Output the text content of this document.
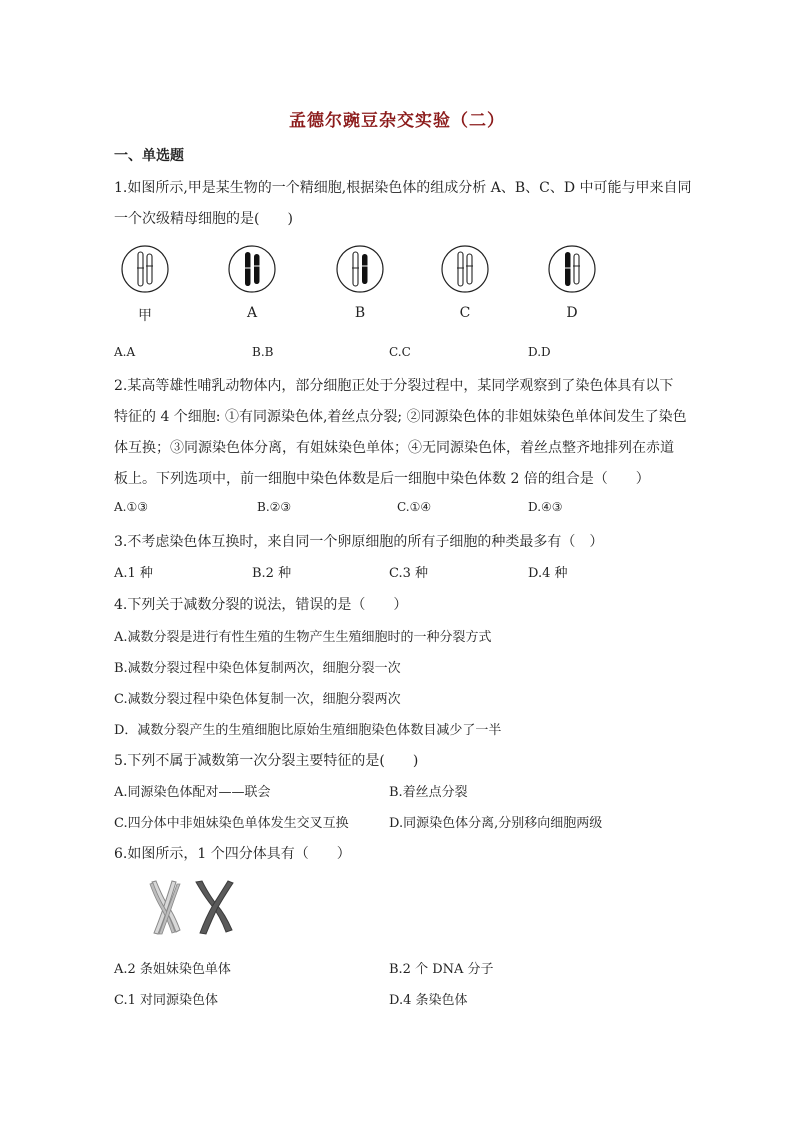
孟德尔豌豆杂交实验（二）
一、单选题
1.如图所示,甲是某生物的一个精细胞,根据染色体的组成分析 A、B、C、D 中可能与甲来自同
一个次级精母细胞的是(　　)
甲	A	B	C	D
A.A	B.B	C.C	D.D
2.某高等雄性哺乳动物体内，部分细胞正处于分裂过程中，某同学观察到了染色体具有以下
特征的 4 个细胞: ①有同源染色体,着丝点分裂; ②同源染色体的非姐妹染色单体间发生了染色
体互换；③同源染色体分离，有姐妹染色单体；④无同源染色体，着丝点整齐地排列在赤道
板上。下列选项中，前一细胞中染色体数是后一细胞中染色体数 2 倍的组合是（　　）
A.①③	B.②③	C.①④	D.④③
3.不考虑染色体互换时，来自同一个卵原细胞的所有子细胞的种类最多有（　）
A.1 种	B.2 种	C.3 种	D.4 种
4.下列关于减数分裂的说法，错误的是（　　）
A.减数分裂是进行有性生殖的生物产生生殖细胞时的一种分裂方式
B.减数分裂过程中染色体复制两次，细胞分裂一次
C.减数分裂过程中染色体复制一次，细胞分裂两次
D．减数分裂产生的生殖细胞比原始生殖细胞染色体数目减少了一半
5.下列不属于减数第一次分裂主要特征的是(　　)
A.同源染色体配对——联会	B.着丝点分裂
C.四分体中非姐妹染色单体发生交叉互换	D.同源染色体分离,分别移向细胞两级
6.如图所示，1 个四分体具有（　　）
A.2 条姐妹染色单体	B.2 个 DNA 分子
C.1 对同源染色体	D.4 条染色体
